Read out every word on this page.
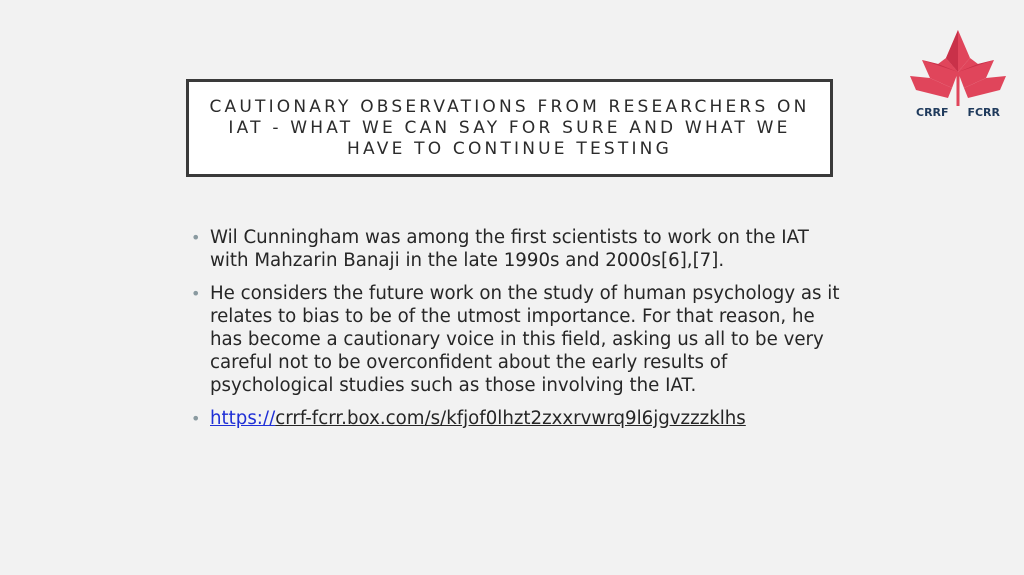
CAUTIONARY OBSERVATIONS FROM RESEARCHERS ON IAT - WHAT WE CAN SAY FOR SURE AND WHAT WE HAVE TO CONTINUE TESTING
CRRF FCRR
• Wil Cunningham was among the first scientists to work on the IAT with Mahzarin Banaji in the late 1990s and 2000s[6],[7].
• He considers the future work on the study of human psychology as it relates to bias to be of the utmost importance. For that reason, he has become a cautionary voice in this field, asking us all to be very careful not to be overconfident about the early results of psychological studies such as those involving the IAT.
• https://crrf-fcrr.box.com/s/kfjof0lhzt2zxxrvwrq9l6jgvzzzklhs
